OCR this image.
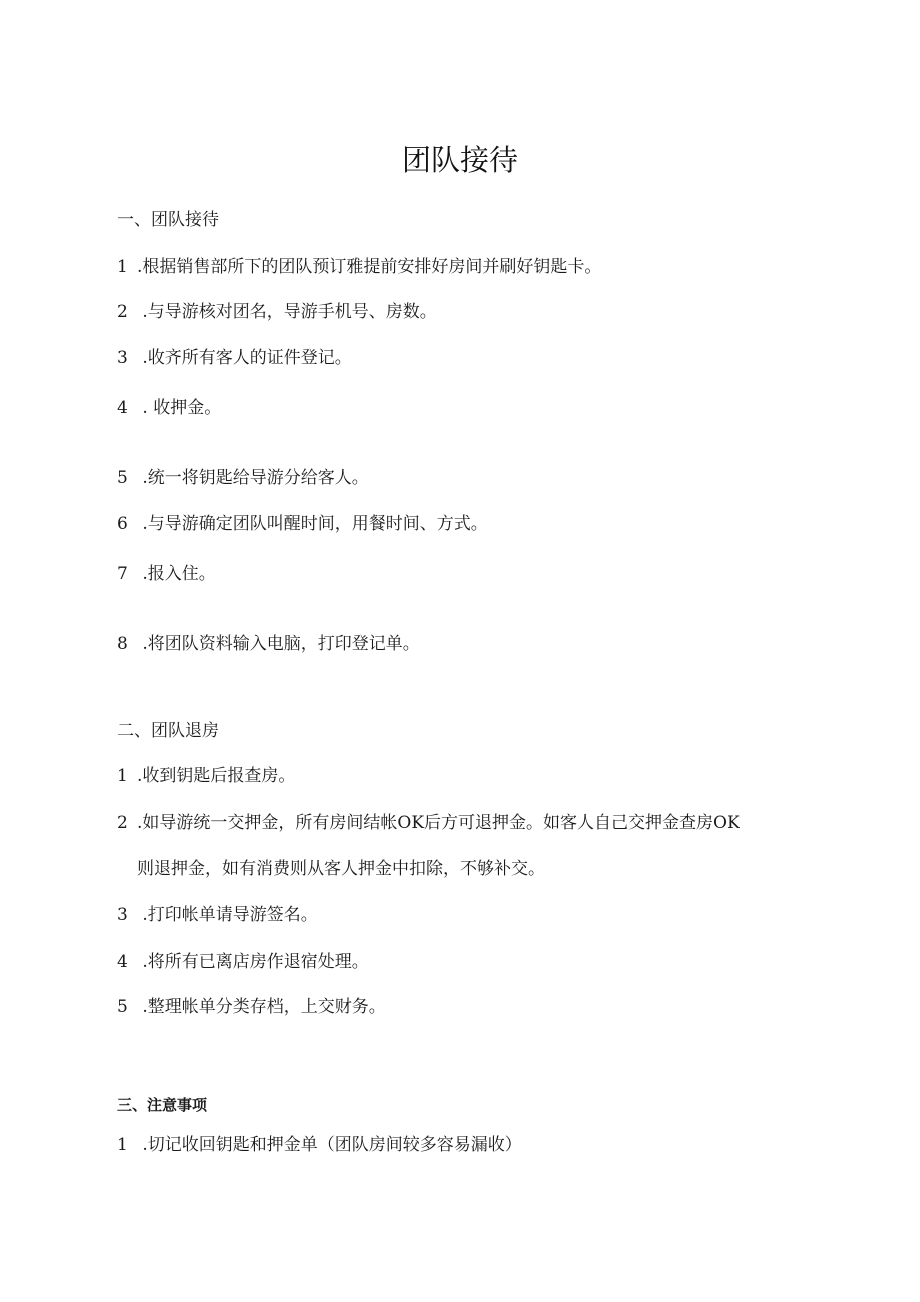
团队接待
一、团队接待
1 .根据销售部所下的团队预订雅提前安排好房间并刷好钥匙卡。
2 .与导游核对团名，导游手机号、房数。
3 .收齐所有客人的证件登记。
4 . 收押金。
5 .统一将钥匙给导游分给客人。
6 .与导游确定团队叫醒时间，用餐时间、方式。
7 .报入住。
8 .将团队资料输入电脑，打印登记单。
二、团队退房
1 .收到钥匙后报查房。
2 .如导游统一交押金，所有房间结帐OK后方可退押金。如客人自己交押金查房OK
则退押金，如有消费则从客人押金中扣除，不够补交。
3 .打印帐单请导游签名。
4 .将所有已离店房作退宿处理。
5 .整理帐单分类存档，上交财务。
三、注意事项
1 .切记收回钥匙和押金单（团队房间较多容易漏收）
